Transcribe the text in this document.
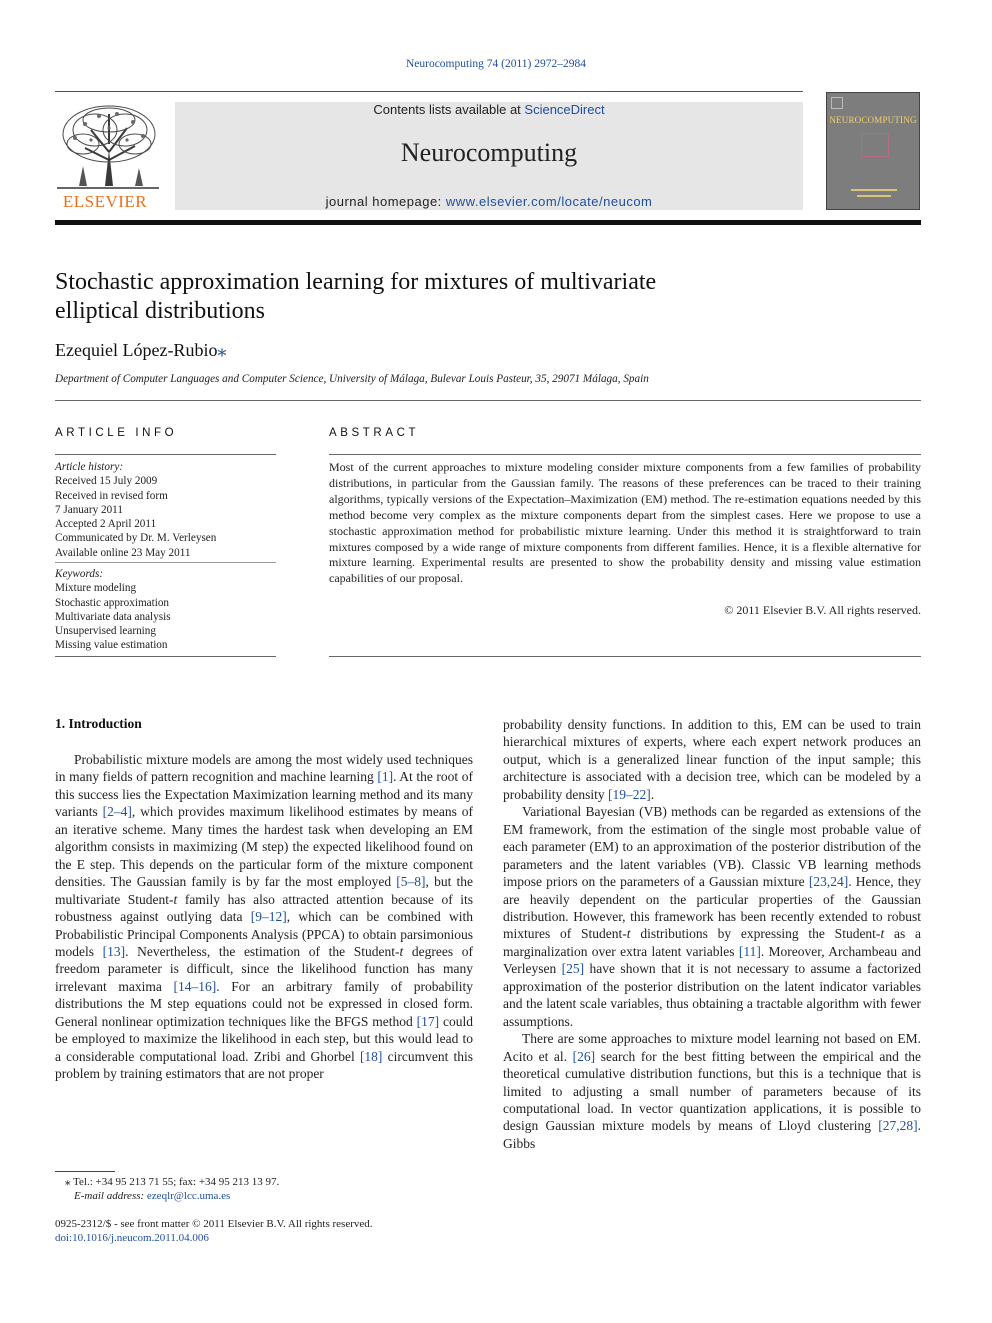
Neurocomputing 74 (2011) 2972–2984
ELSEVIER
Contents lists available at ScienceDirect
Neurocomputing
journal homepage: www.elsevier.com/locate/neucom
NEUROCOMPUTING
Stochastic approximation learning for mixtures of multivariate
elliptical distributions
Ezequiel López-Rubio⁎
Department of Computer Languages and Computer Science, University of Málaga, Bulevar Louis Pasteur, 35, 29071 Málaga, Spain
ARTICLE INFO
Article history:
Received 15 July 2009
Received in revised form
7 January 2011
Accepted 2 April 2011
Communicated by Dr. M. Verleysen
Available online 23 May 2011
Keywords:
Mixture modeling
Stochastic approximation
Multivariate data analysis
Unsupervised learning
Missing value estimation
ABSTRACT
Most of the current approaches to mixture modeling consider mixture components from a few families of probability distributions, in particular from the Gaussian family. The reasons of these preferences can be traced to their training algorithms, typically versions of the Expectation–Maximization (EM) method. The re-estimation equations needed by this method become very complex as the mixture components depart from the simplest cases. Here we propose to use a stochastic approximation method for probabilistic mixture learning. Under this method it is straightforward to train mixtures composed by a wide range of mixture components from different families. Hence, it is a flexible alternative for mixture learning. Experimental results are presented to show the probability density and missing value estimation capabilities of our proposal.
© 2011 Elsevier B.V. All rights reserved.
1. Introduction

Probabilistic mixture models are among the most widely used techniques in many fields of pattern recognition and machine learning [1]. At the root of this success lies the Expectation Maximization learning method and its many variants [2–4], which provides maximum likelihood estimates by means of an iterative scheme. Many times the hardest task when developing an EM algorithm consists in maximizing (M step) the expected likelihood found on the E step. This depends on the particular form of the mixture component densities. The Gaussian family is by far the most employed [5–8], but the multivariate Student-t family has also attracted attention because of its robustness against outlying data [9–12], which can be combined with Probabilistic Principal Components Analysis (PPCA) to obtain parsimonious models [13]. Nevertheless, the estimation of the Student-t degrees of freedom parameter is difficult, since the likelihood function has many irrelevant maxima [14–16]. For an arbitrary family of probability distributions the M step equations could not be expressed in closed form. General nonlinear optimization techniques like the BFGS method [17] could be employed to maximize the likelihood in each step, but this would lead to a considerable computational load. Zribi and Ghorbel [18] circumvent this problem by training estimators that are not proper

probability density functions. In addition to this, EM can be used to train hierarchical mixtures of experts, where each expert network produces an output, which is a generalized linear function of the input sample; this architecture is associated with a decision tree, which can be modeled by a probability density [19–22].

Variational Bayesian (VB) methods can be regarded as extensions of the EM framework, from the estimation of the single most probable value of each parameter (EM) to an approximation of the posterior distribution of the parameters and the latent variables (VB). Classic VB learning methods impose priors on the parameters of a Gaussian mixture [23,24]. Hence, they are heavily dependent on the particular properties of the Gaussian distribution. However, this framework has been recently extended to robust mixtures of Student-t distributions by expressing the Student-t as a marginalization over extra latent variables [11]. Moreover, Archambeau and Verleysen [25] have shown that it is not necessary to assume a factorized approximation of the posterior distribution on the latent indicator variables and the latent scale variables, thus obtaining a tractable algorithm with fewer assumptions.

There are some approaches to mixture model learning not based on EM. Acito et al. [26] search for the best fitting between the empirical and the theoretical cumulative distribution functions, but this is a technique that is limited to adjusting a small number of parameters because of its computational load. In vector quantization applications, it is possible to design Gaussian mixture models by means of Lloyd clustering [27,28]. Gibbs

⁎ Tel.: +34 95 213 71 55; fax: +34 95 213 13 97.
E-mail address: ezeqlr@lcc.uma.es
0925-2312/$ - see front matter © 2011 Elsevier B.V. All rights reserved.
doi:10.1016/j.neucom.2011.04.006
